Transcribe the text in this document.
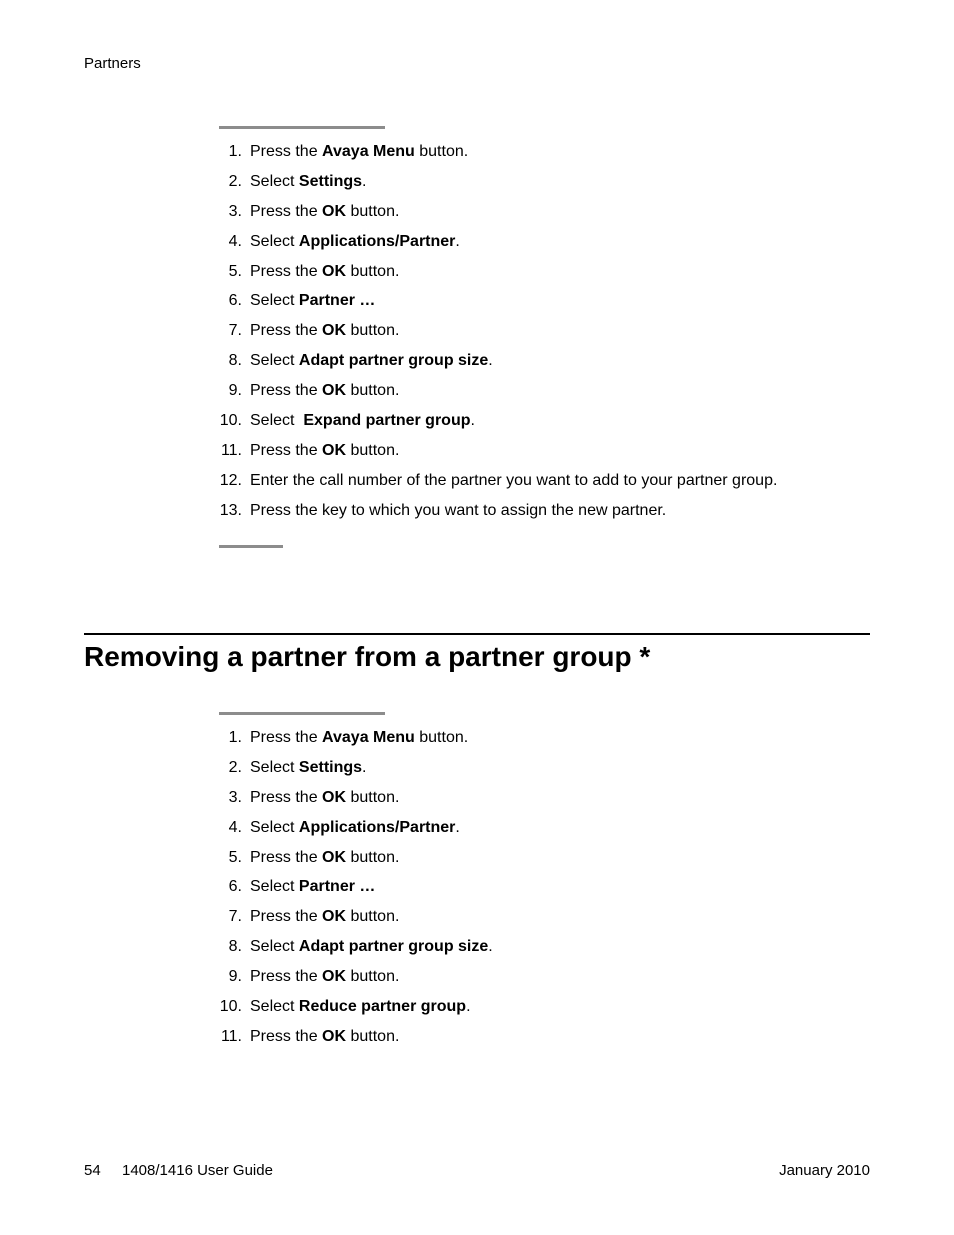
Partners
1. Press the Avaya Menu button.
2. Select Settings.
3. Press the OK button.
4. Select Applications/Partner.
5. Press the OK button.
6. Select Partner …
7. Press the OK button.
8. Select Adapt partner group size.
9. Press the OK button.
10. Select  Expand partner group.
11. Press the OK button.
12. Enter the call number of the partner you want to add to your partner group.
13. Press the key to which you want to assign the new partner.
Removing a partner from a partner group *
1. Press the Avaya Menu button.
2. Select Settings.
3. Press the OK button.
4. Select Applications/Partner.
5. Press the OK button.
6. Select Partner …
7. Press the OK button.
8. Select Adapt partner group size.
9. Press the OK button.
10. Select Reduce partner group.
11. Press the OK button.
54 1408/1416 User Guide	January 2010
